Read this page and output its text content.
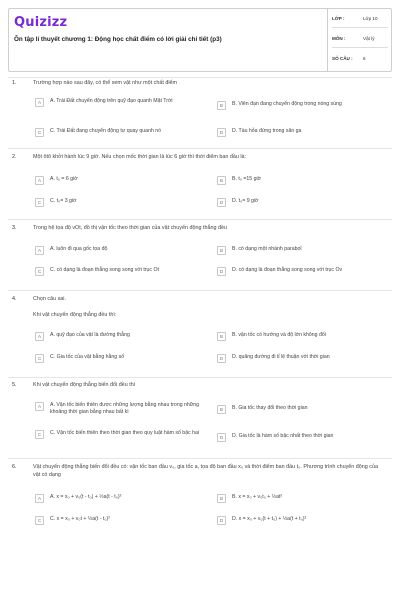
Quizizz
Ôn tập lí thuyết chương 1: Động học chất điểm có lời giải chi tiết (p3)
LỚP :	Lớp 10
MÔN :	Vật lý
SỐ CÂU : 6
1.	Trường hợp nào sau đây, có thể xem vật như một chất điểm
A	A. Trái Đất chuyển động trên quỹ đạo quanh Mặt Trời
B	B. Viên đạn đang chuyển động trong nòng súng
C	C. Trái Đất đang chuyển động tự quay quanh nó	D	D. Tàu hỏa đứng trong sân ga
2.	Một ôtô khởi hành lúc 9 giờ. Nếu chọn mốc thời gian là lúc 6 giờ thì thời điểm ban đầu là:
A	A. t₀ = 6 giờ	B	B. t₀ =15 giờ
C	C. t₀= 3 giờ	D	D. t₀= 9 giờ
3.	Trong hệ tọa độ vOt, đồ thị vận tốc theo thời gian của vật chuyển động thẳng đều
A	A. luôn đi qua gốc tọa độ	B	B. có dạng một nhánh parabol
C	C. có dạng là đoạn thẳng song song với trục Ot	D	D. có dạng là đoạn thẳng song song với trục Ov
4.	Chọn câu sai.
Khi vật chuyển động thẳng đều thì:
A	A. quỹ đạo của vật là đường thẳng	B	B. vận tốc có hướng và độ lớn không đổi
C	C. Gia tốc của vật bằng hằng số	D	D. quãng đường đi tỉ lệ thuận với thời gian
5.	Khi vật chuyển động thẳng biến đổi đều thì
A	A. Vận tốc biến thiên được những lượng bằng nhau trong những khoảng thời gian bằng nhau bất kì	B	B. Gia tốc thay đổi theo thời gian
C	C. Vận tốc biến thiên theo thời gian theo quy luật hàm số bậc hai
D	D. Gia tốc là hàm số bậc nhất theo thời gian
6.	Vật chuyển động thẳng biến đổi đều có: vận tốc ban đầu v₀, gia tốc a, tọa độ ban đầu x₀ và thời điểm ban đầu t₀. Phương trình chuyển động của vật có dạng
A	A. x = x₀ + v₀(t - t₀) + ½a(t - t₀)²	B	B. x = x₀ + v₀t₀ + ½at²
C	C. x = x₀ + v₀t + ½a(t - t₀)²	D	D. x = x₀ + v₀(t + t₀) + ½a(t + t₀)²
